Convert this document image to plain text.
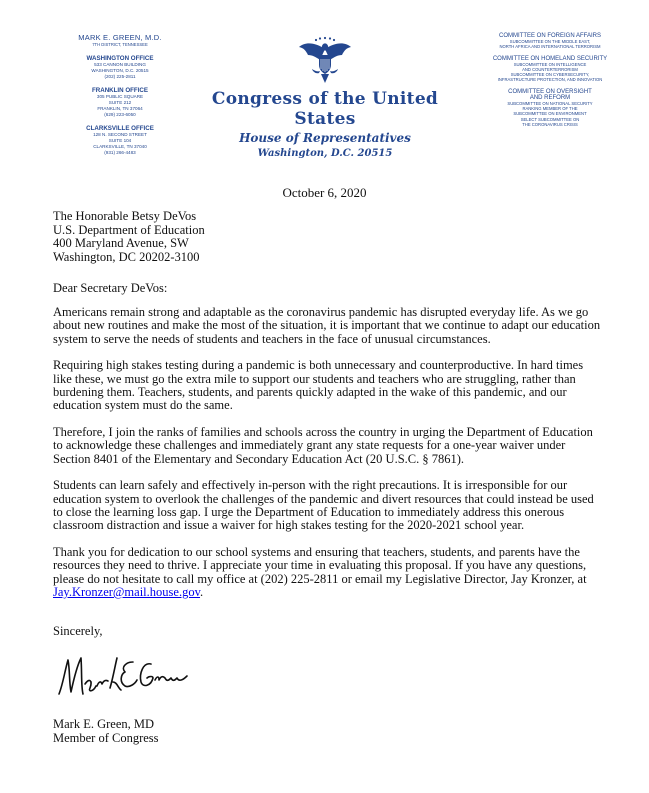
MARK E. GREEN, M.D.
7TH DISTRICT, TENNESSEE
WASHINGTON OFFICE
533 CANNON BUILDING
WASHINGTON, D.C. 20515
(202) 225-2811
FRANKLIN OFFICE
305 PUBLIC SQUARE
SUITE 212
FRANKLIN, TN 37064
(629) 223-6050
CLARKSVILLE OFFICE
128 N. SECOND STREET
SUITE 104
CLARKSVILLE, TN 37040
(931) 266-4483
Congress of the United States
House of Representatives
Washington, D.C. 20515
COMMITTEE ON FOREIGN AFFAIRS
SUBCOMMITTEE ON THE MIDDLE EAST,
NORTH AFRICA AND INTERNATIONAL TERRORISM
COMMITTEE ON HOMELAND SECURITY
SUBCOMMITTEE ON INTELLIGENCE
AND COUNTERTERRORISM
SUBCOMMITTEE ON CYBERSECURITY,
INFRASTRUCTURE PROTECTION, AND INNOVATION
COMMITTEE ON OVERSIGHT
AND REFORM
SUBCOMMITTEE ON NATIONAL SECURITY
RANKING MEMBER OF THE
SUBCOMMITTEE ON ENVIRONMENT
SELECT SUBCOMMITTEE ON
THE CORONAVIRUS CRISIS
October 6, 2020
The Honorable Betsy DeVos
U.S. Department of Education
400 Maryland Avenue, SW
Washington, DC 20202-3100
Dear Secretary DeVos:

Americans remain strong and adaptable as the coronavirus pandemic has disrupted everyday life. As we go about new routines and make the most of the situation, it is important that we continue to adapt our education system to serve the needs of students and teachers in the face of unusual circumstances.

Requiring high stakes testing during a pandemic is both unnecessary and counterproductive. In hard times like these, we must go the extra mile to support our students and teachers who are struggling, rather than burdening them. Teachers, students, and parents quickly adapted in the wake of this pandemic, and our education system must do the same.

Therefore, I join the ranks of families and schools across the country in urging the Department of Education to acknowledge these challenges and immediately grant any state requests for a one-year waiver under Section 8401 of the Elementary and Secondary Education Act (20 U.S.C. § 7861).

Students can learn safely and effectively in-person with the right precautions. It is irresponsible for our education system to overlook the challenges of the pandemic and divert resources that could instead be used to close the learning loss gap. I urge the Department of Education to immediately address this onerous classroom distraction and issue a waiver for high stakes testing for the 2020-2021 school year.

Thank you for dedication to our school systems and ensuring that teachers, students, and parents have the resources they need to thrive. I appreciate your time in evaluating this proposal. If you have any questions, please do not hesitate to call my office at (202) 225-2811 or email my Legislative Director, Jay Kronzer, at Jay.Kronzer@mail.house.gov.

Sincerely,
Mark E. Green, MD
Member of Congress
